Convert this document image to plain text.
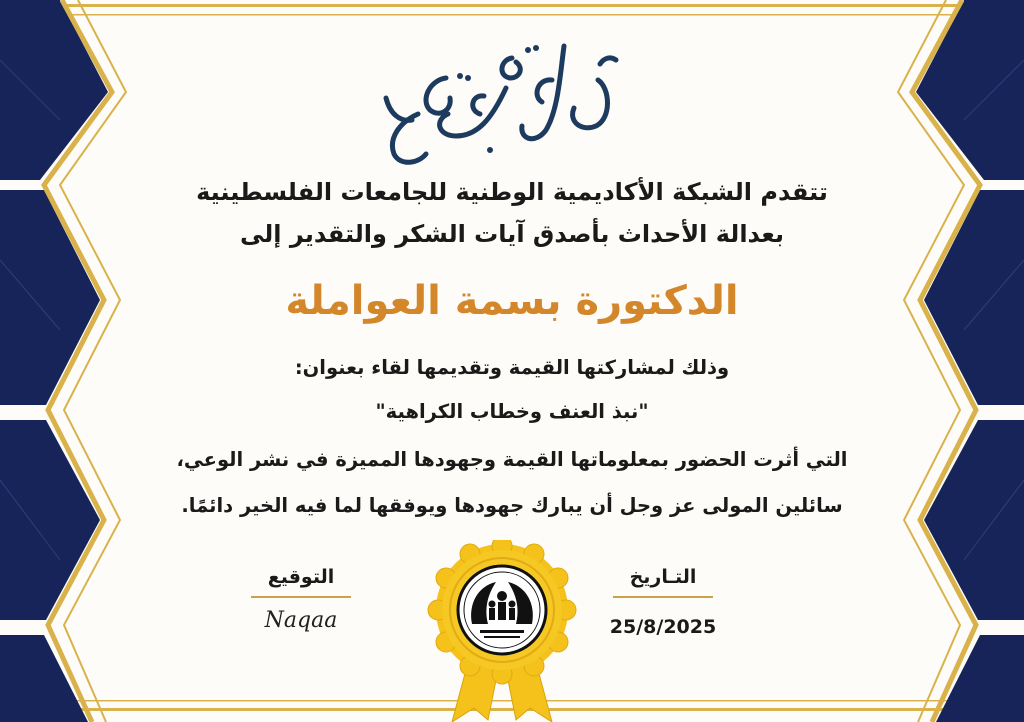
تتقدم الشبكة الأكاديمية الوطنية للجامعات الفلسطينية
بعدالة الأحداث بأصدق آيات الشكر والتقدير إلى
الدكتورة بسمة العواملة
وذلك لمشاركتها القيمة وتقديمها لقاء بعنوان:
"نبذ العنف وخطاب الكراهية"
التي أثرت الحضور بمعلوماتها القيمة وجهودها المميزة في نشر الوعي،
سائلين المولى عز وجل أن يبارك جهودها ويوفقها لما فيه الخير دائمًا.
التوقيع
Naqaa
التـاريخ
25/8/2025
